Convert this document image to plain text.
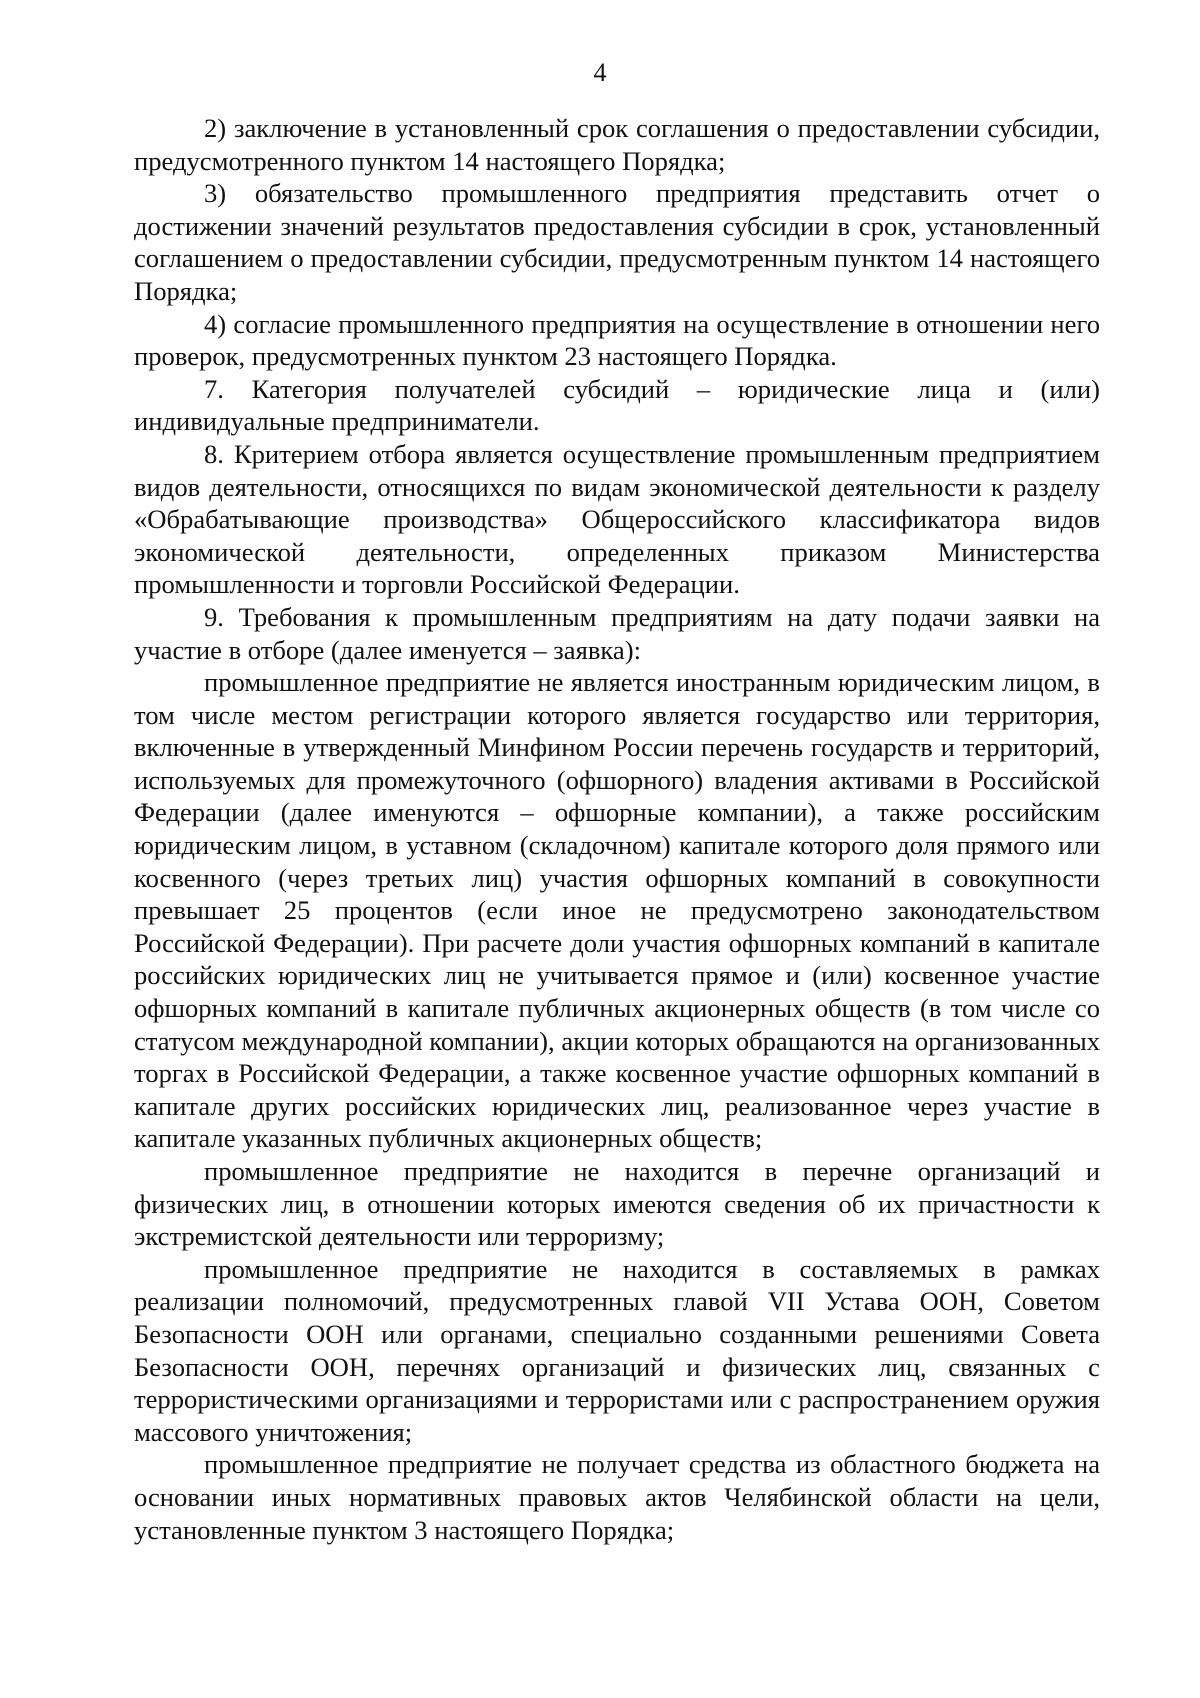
4

2) заключение в установленный срок соглашения о предоставлении субсидии, предусмотренного пунктом 14 настоящего Порядка;

3) обязательство промышленного предприятия представить отчет о достижении значений результатов предоставления субсидии в срок, установленный соглашением о предоставлении субсидии, предусмотренным пунктом 14 настоящего Порядка;

4) согласие промышленного предприятия на осуществление в отношении него проверок, предусмотренных пунктом 23 настоящего Порядка.

7. Категория получателей субсидий – юридические лица и (или) индивидуальные предприниматели.

8. Критерием отбора является осуществление промышленным предприятием видов деятельности, относящихся по видам экономической деятельности к разделу «Обрабатывающие производства» Общероссийского классификатора видов экономической деятельности, определенных приказом Министерства промышленности и торговли Российской Федерации.

9. Требования к промышленным предприятиям на дату подачи заявки на участие в отборе (далее именуется – заявка):

промышленное предприятие не является иностранным юридическим лицом, в том числе местом регистрации которого является государство или территория, включенные в утвержденный Минфином России перечень государств и территорий, используемых для промежуточного (офшорного) владения активами в Российской Федерации (далее именуются – офшорные компании), а также российским юридическим лицом, в уставном (складочном) капитале которого доля прямого или косвенного (через третьих лиц) участия офшорных компаний в совокупности превышает 25 процентов (если иное не предусмотрено законодательством Российской Федерации). При расчете доли участия офшорных компаний в капитале российских юридических лиц не учитывается прямое и (или) косвенное участие офшорных компаний в капитале публичных акционерных обществ (в том числе со статусом международной компании), акции которых обращаются на организованных торгах в Российской Федерации, а также косвенное участие офшорных компаний в капитале других российских юридических лиц, реализованное через участие в капитале указанных публичных акционерных обществ;

промышленное предприятие не находится в перечне организаций и физических лиц, в отношении которых имеются сведения об их причастности к экстремистской деятельности или терроризму;

промышленное предприятие не находится в составляемых в рамках реализации полномочий, предусмотренных главой VII Устава ООН, Советом Безопасности ООН или органами, специально созданными решениями Совета Безопасности ООН, перечнях организаций и физических лиц, связанных с террористическими организациями и террористами или с распространением оружия массового уничтожения;

промышленное предприятие не получает средства из областного бюджета на основании иных нормативных правовых актов Челябинской области на цели, установленные пунктом 3 настоящего Порядка;
